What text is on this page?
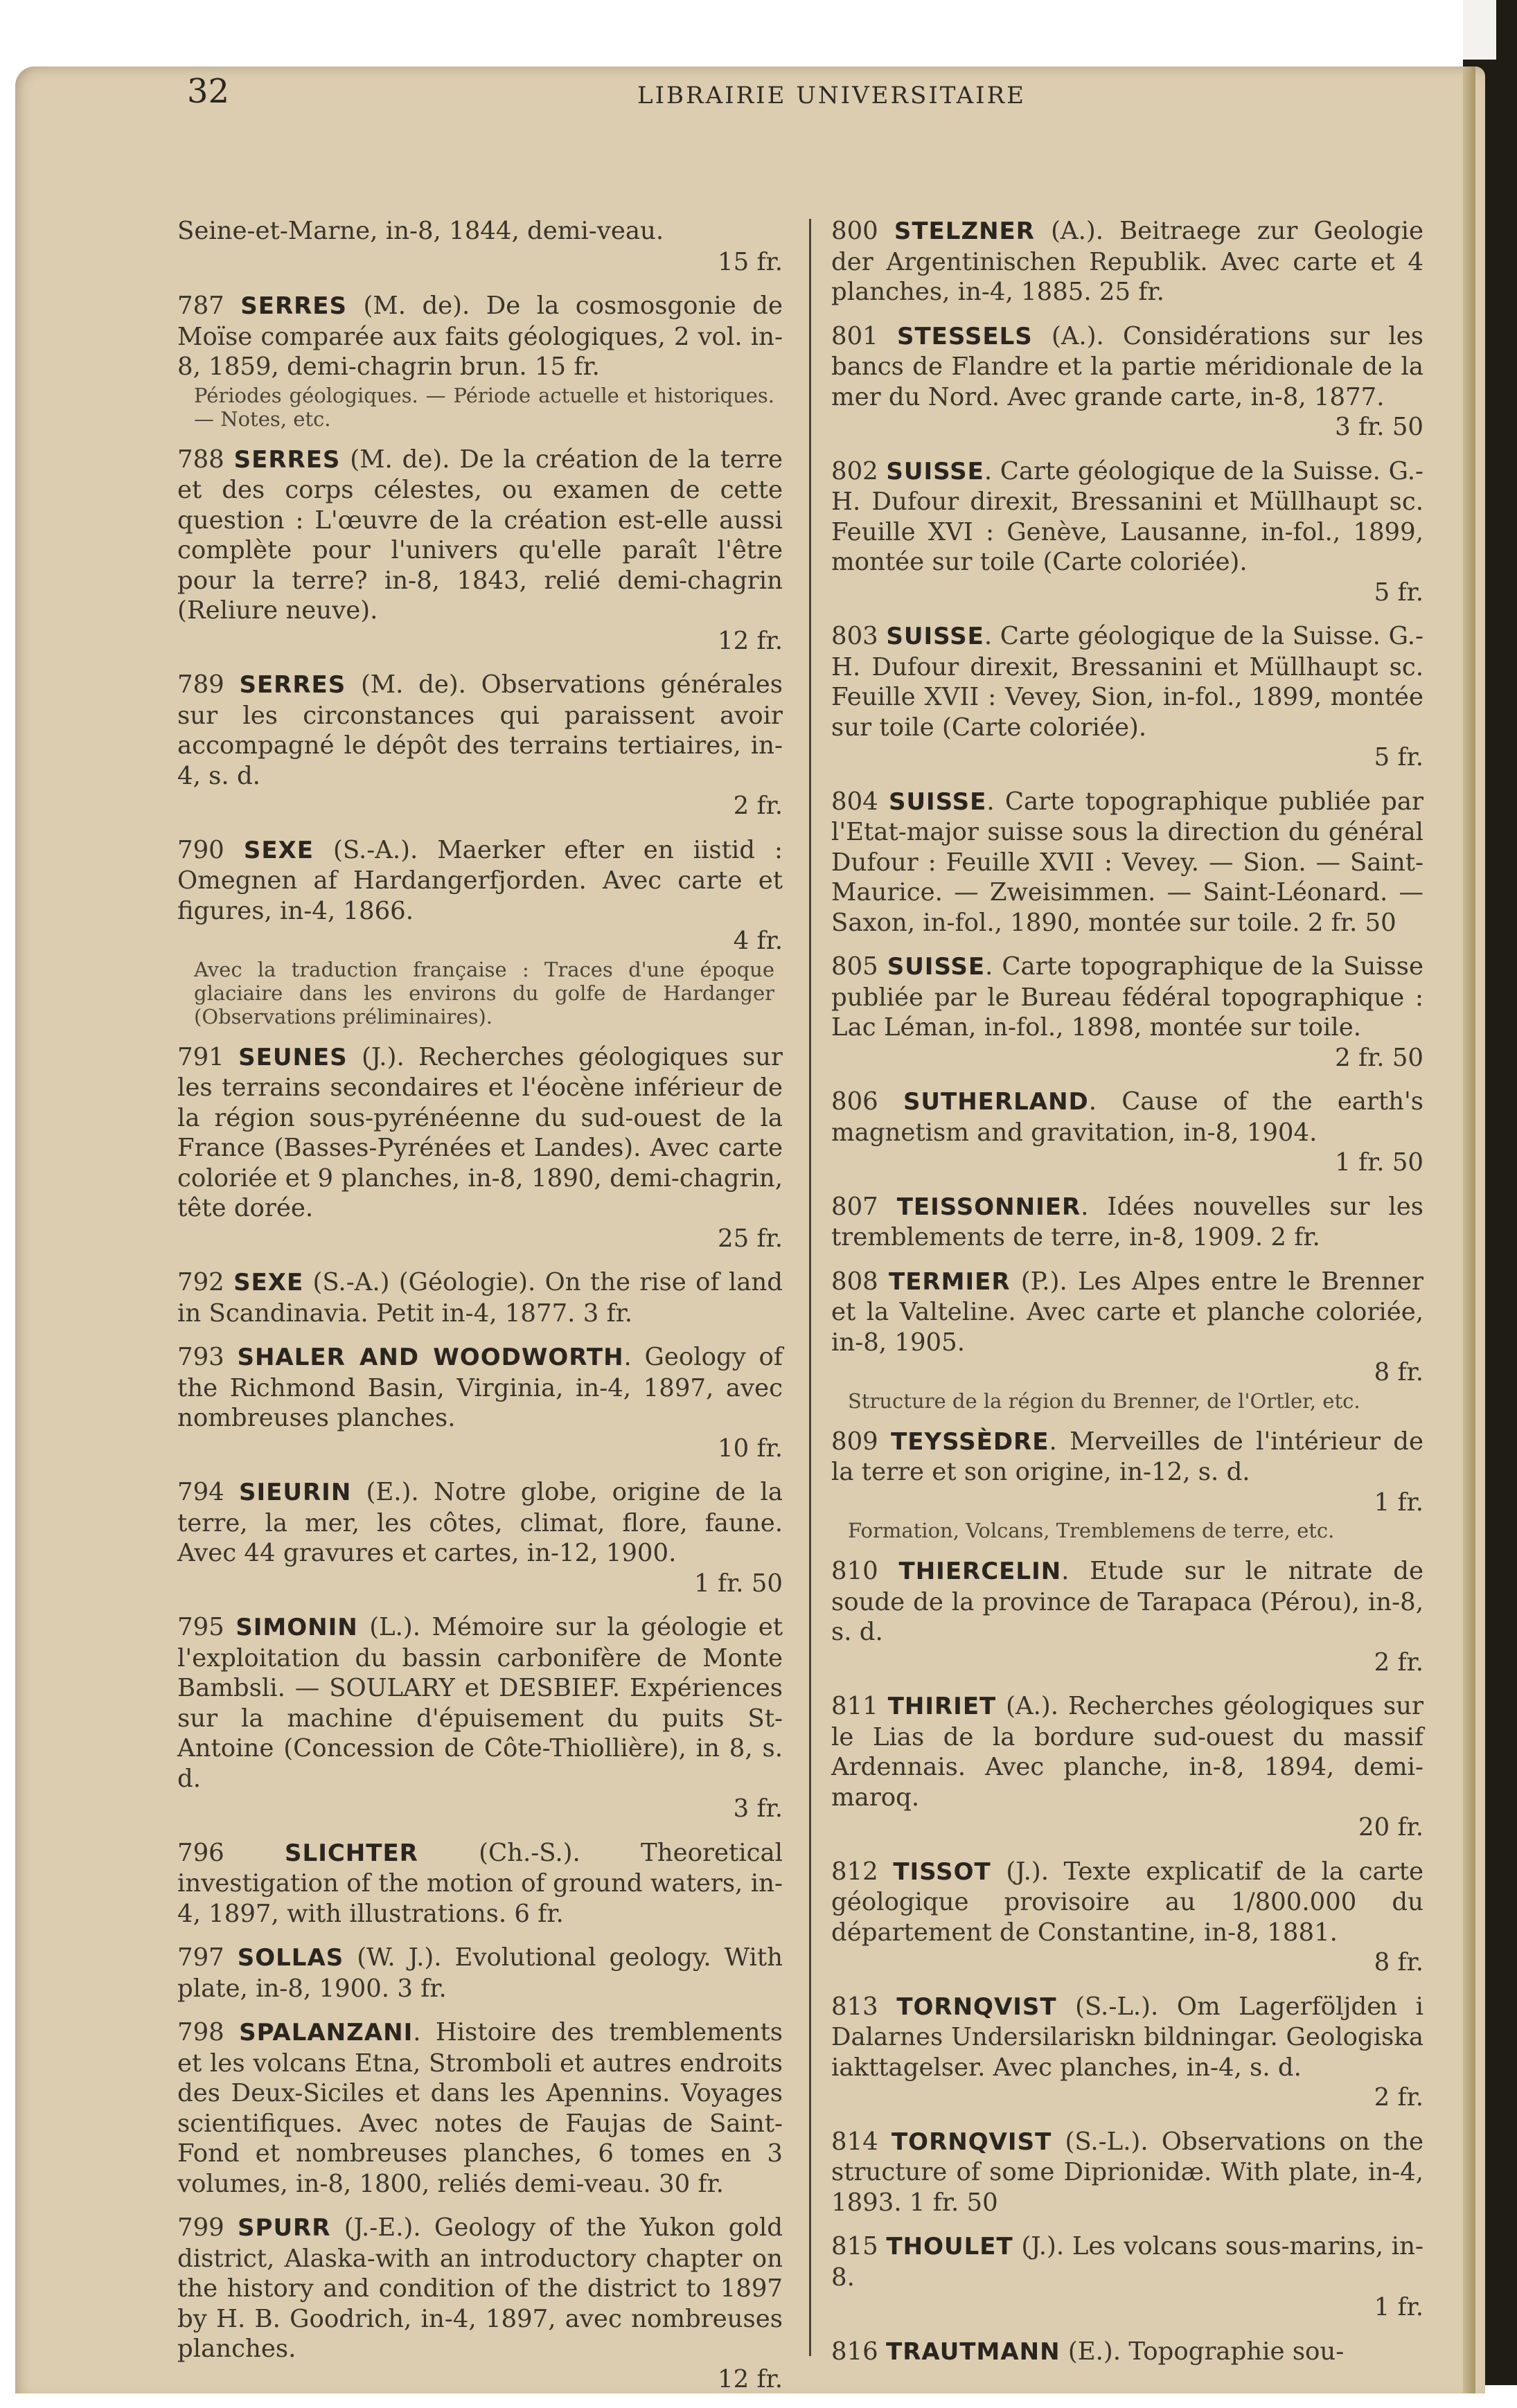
32	LIBRAIRIE UNIVERSITAIRE

Seine-et-Marne, in-8, 1844, demi-veau.

15 fr.

787 SERRES (M. de). De la cosmosgonie de Moïse comparée aux faits géologiques, 2 vol. in-8, 1859, demi-chagrin brun. 15 fr.

Périodes géologiques. — Période actuelle et historiques. — Notes, etc.

788 SERRES (M. de). De la création de la terre et des corps célestes, ou examen de cette question : L'œuvre de la création est-elle aussi complète pour l'univers qu'elle paraît l'être pour la terre? in-8, 1843, relié demi-chagrin (Reliure neuve).

12 fr.

789 SERRES (M. de). Observations générales sur les circonstances qui paraissent avoir accompagné le dépôt des terrains tertiaires, in-4, s. d.

2 fr.

790 SEXE (S.-A.). Maerker efter en iistid : Omegnen af Hardangerfjorden. Avec carte et figures, in-4, 1866.

4 fr.
Avec la traduction française : Traces d'une époque glaciaire dans les environs du golfe de Hardanger (Observations préliminaires).

791 SEUNES (J.). Recherches géologiques sur les terrains secondaires et l'éocène inférieur de la région sous-pyrénéenne du sud-ouest de la France (Basses-Pyrénées et Landes). Avec carte coloriée et 9 planches, in-8, 1890, demi-chagrin, tête dorée.

25 fr.

792 SEXE (S.-A.) (Géologie). On the rise of land in Scandinavia. Petit in-4, 1877. 3 fr.

793 SHALER AND WOODWORTH. Geology of the Richmond Basin, Virginia, in-4, 1897, avec nombreuses planches.

10 fr.

794 SIEURIN (E.). Notre globe, origine de la terre, la mer, les côtes, climat, flore, faune. Avec 44 gravures et cartes, in-12, 1900.

1 fr. 50

795 SIMONIN (L.). Mémoire sur la géologie et l'exploitation du bassin carbonifère de Monte Bambsli. — SOULARY et DESBIEF. Expériences sur la machine d'épuisement du puits St-Antoine (Concession de Côte-Thiollière), in 8, s. d.

3 fr.

796	SLICHTER (Ch.-S.). Theoretical investigation of the motion of ground waters, in-4, 1897, with illustrations. 6 fr.

797 SOLLAS (W. J.). Evolutional geology. With plate, in-8, 1900. 3 fr.

798 SPALANZANI. Histoire des tremblements et les volcans Etna, Stromboli et autres endroits des Deux-Siciles et dans les Apennins. Voyages scientifiques. Avec notes de Faujas de Saint-Fond et nombreuses planches, 6 tomes en 3 volumes, in-8, 1800, reliés demi-veau. 30 fr.

799 SPURR (J.-E.). Geology of the Yukon gold district, Alaska-with an introductory chapter on the history and condition of the district to 1897 by H. B. Goodrich, in-4, 1897, avec nombreuses planches.

12 fr.

800 STELZNER (A.). Beitraege zur Geologie der Argentinischen Republik. Avec carte et 4 planches, in-4, 1885. 25 fr.

801 STESSELS (A.). Considérations sur les bancs de Flandre et la partie méridionale de la mer du Nord. Avec grande carte, in-8, 1877.

3 fr. 50

802 SUISSE. Carte géologique de la Suisse. G.-H. Dufour direxit, Bressanini et Müllhaupt sc. Feuille XVI : Genève, Lausanne, in-fol., 1899, montée sur toile (Carte coloriée).

5 fr.

803 SUISSE. Carte géologique de la Suisse. G.-H. Dufour direxit, Bressanini et Müllhaupt sc. Feuille XVII : Vevey, Sion, in-fol., 1899, montée sur toile (Carte coloriée).

5 fr.

804 SUISSE. Carte topographique publiée par l'Etat-major suisse sous la direction du général Dufour : Feuille XVII : Vevey. — Sion. — Saint-Maurice. — Zweisimmen. — Saint-Léonard. — Saxon, in-fol., 1890, montée sur toile. 2 fr. 50

805 SUISSE. Carte topographique de la Suisse publiée par le Bureau fédéral topographique : Lac Léman, in-fol., 1898, montée sur toile.

2 fr. 50

806 SUTHERLAND. Cause of the earth's magnetism and gravitation, in-8, 1904.

1 fr. 50

807 TEISSONNIER. Idées nouvelles sur les tremblements de terre, in-8, 1909. 2 fr.

808 TERMIER (P.). Les Alpes entre le Brenner et la Valteline. Avec carte et planche coloriée, in-8, 1905.

8 fr.
Structure de la région du Brenner, de l'Ortler, etc.

809 TEYSSÈDRE. Merveilles de l'intérieur de la terre et son origine, in-12, s. d.

1 fr.
Formation, Volcans, Tremblemens de terre, etc.

810 THIERCELIN. Etude sur le nitrate de soude de la province de Tarapaca (Pérou), in-8, s. d.

2 fr.

811 THIRIET (A.). Recherches géologiques sur le Lias de la bordure sud-ouest du massif Ardennais. Avec planche, in-8, 1894, demi-maroq.

20 fr.

812 TISSOT (J.). Texte explicatif de la carte géologique provisoire au 1/800.000 du département de Constantine, in-8, 1881.

8 fr.

813 TORNQVIST (S.-L.). Om Lagerföljden i Dalarnes Undersilariskn bildningar. Geologiska iakttagelser. Avec planches, in-4, s. d.

2 fr.

814 TORNQVIST (S.-L.). Observations on the structure of some Diprionidæ. With plate, in-4, 1893. 1 fr. 50

815 THOULET (J.). Les volcans sous-marins, in-8.

1 fr.

816 TRAUTMANN (E.). Topographie sou-
